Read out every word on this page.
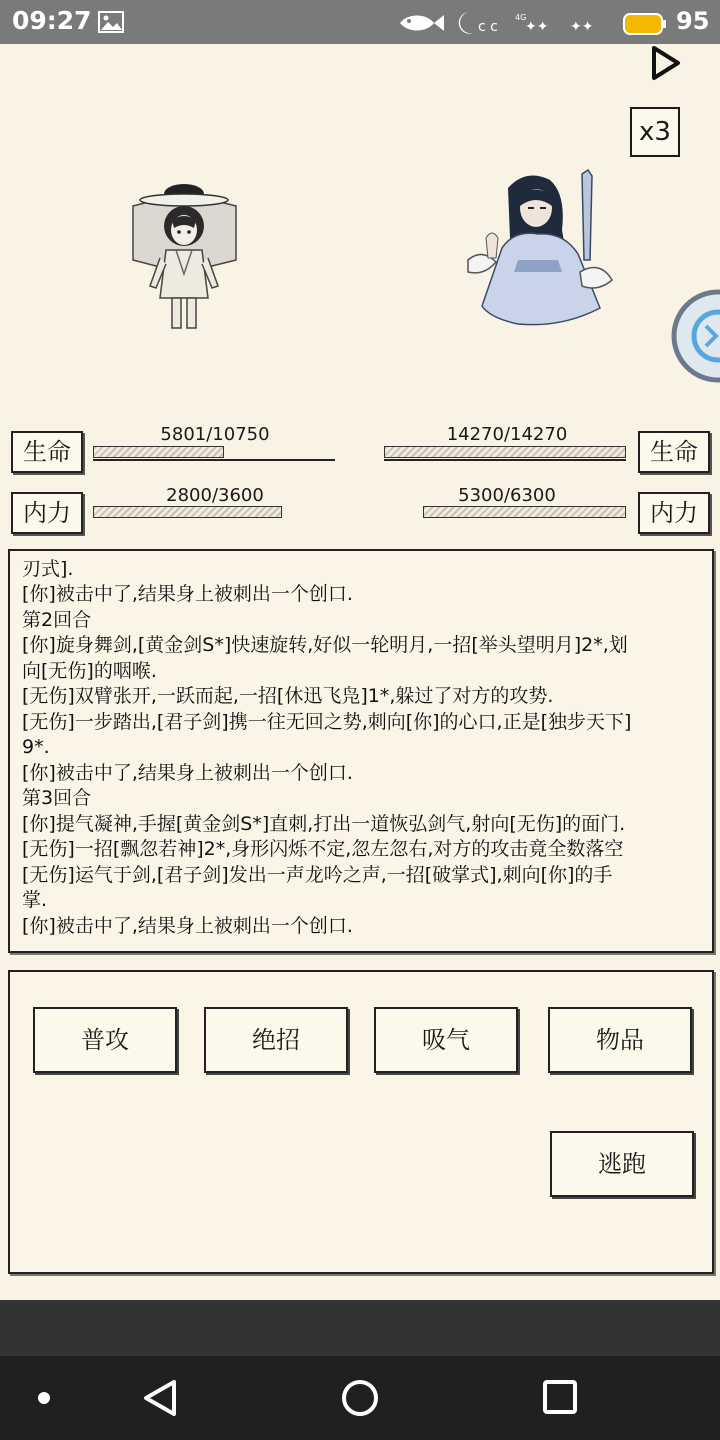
09:27	c c
4G
✦✦ ✦✦	95
x3
生命
5801/10750
内力
2800/3600
生命
14270/14270
内力
5300/6300

刃式].

[你]被击中了,结果身上被刺出一个创口.

第2回合

[你]旋身舞剑,[黄金剑S*]快速旋转,好似一轮明月,一招[举头望明月]2*,划

向[无伤]的咽喉.

[无伤]双臂张开,一跃而起,一招[休迅飞凫]1*,躲过了对方的攻势.

[无伤]一步踏出,[君子剑]携一往无回之势,刺向[你]的心口,正是[独步天下]

9*.

[你]被击中了,结果身上被刺出一个创口.

第3回合

[你]提气凝神,手握[黄金剑S*]直刺,打出一道恢弘剑气,射向[无伤]的面门.

[无伤]一招[飘忽若神]2*,身形闪烁不定,忽左忽右,对方的攻击竟全数落空

[无伤]运气于剑,[君子剑]发出一声龙吟之声,一招[破掌式],刺向[你]的手

掌.

[你]被击中了,结果身上被刺出一个创口.

普攻	绝招	吸气	物品
逃跑
